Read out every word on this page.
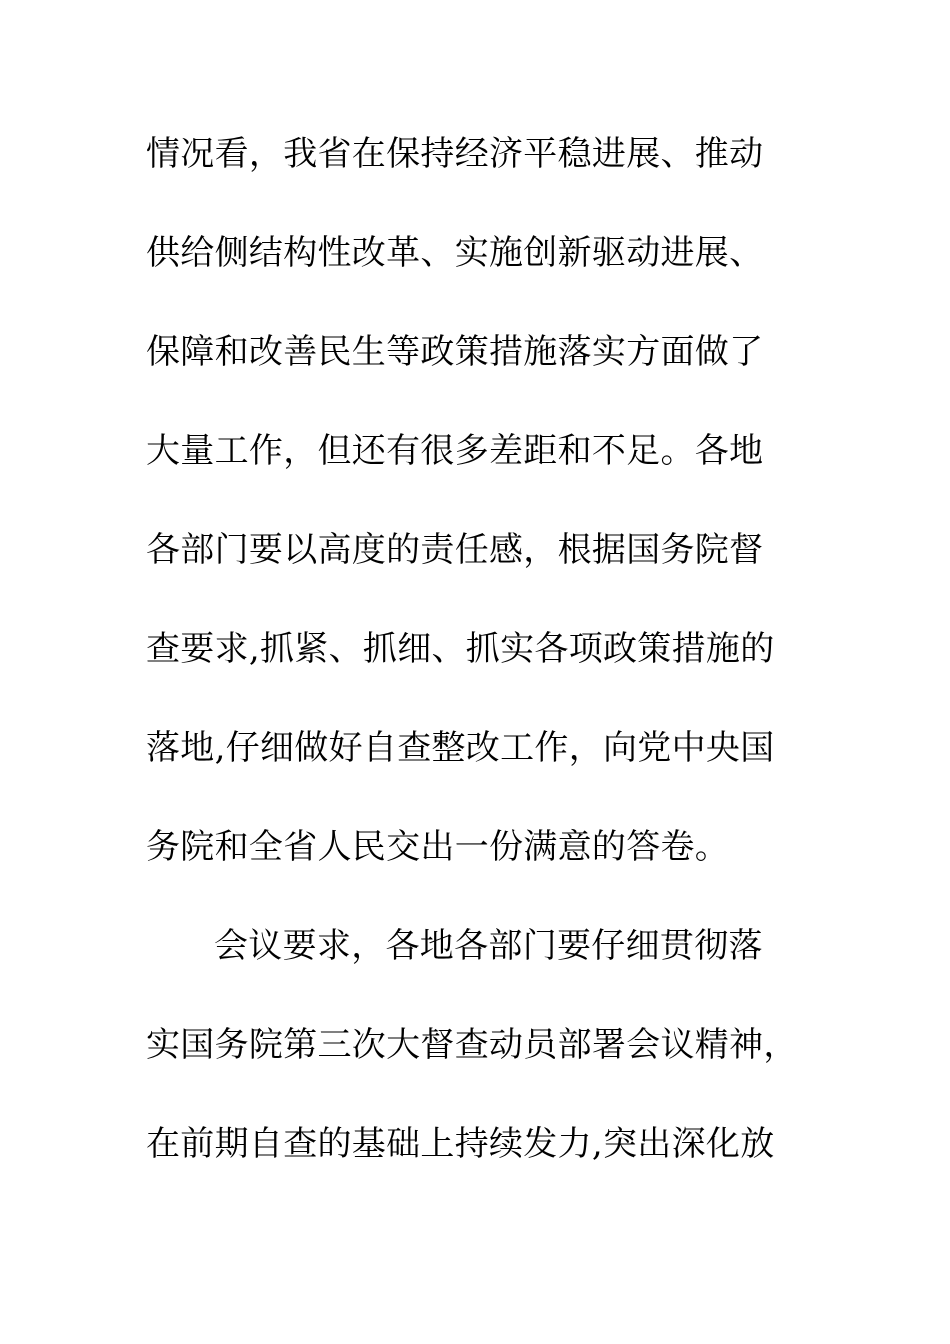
情况看，我省在保持经济平稳进展、推动
供给侧结构性改革、实施创新驱动进展、
保障和改善民生等政策措施落实方面做了
大量工作，但还有很多差距和不足。各地
各部门要以高度的责任感，根据国务院督
查要求,抓紧、抓细、抓实各项政策措施的
落地,仔细做好自查整改工作，向党中央国
务院和全省人民交出一份满意的答卷。
会议要求，各地各部门要仔细贯彻落
实国务院第三次大督查动员部署会议精神，
在前期自查的基础上持续发力,突出深化放
